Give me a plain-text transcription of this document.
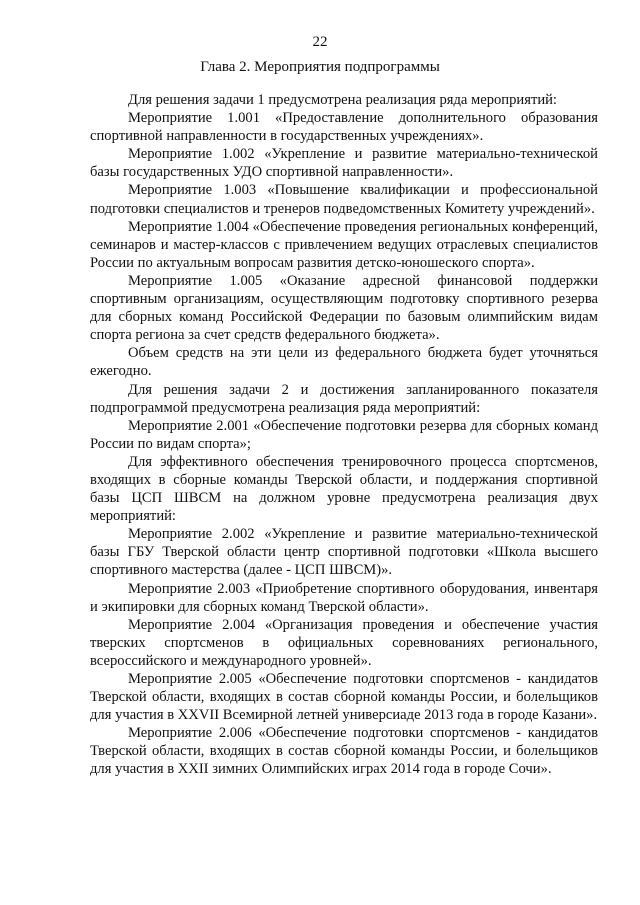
22
Глава 2. Мероприятия подпрограммы

Для решения задачи 1 предусмотрена реализация ряда мероприятий:

Мероприятие 1.001 «Предоставление дополнительного образования спортивной направленности в государственных учреждениях».

Мероприятие 1.002 «Укрепление и развитие материально-технической базы государственных УДО спортивной направленности».

Мероприятие 1.003 «Повышение квалификации и профессиональной подготовки специалистов и тренеров подведомственных Комитету учреждений».

Мероприятие 1.004 «Обеспечение проведения региональных конференций, семинаров и мастер-классов с привлечением ведущих отраслевых специалистов России по актуальным вопросам развития детско-юношеского спорта».

Мероприятие 1.005 «Оказание адресной финансовой поддержки спортивным организациям, осуществляющим подготовку спортивного резерва для сборных команд Российской Федерации по базовым олимпийским видам спорта региона за счет средств федерального бюджета».

Объем средств на эти цели из федерального бюджета будет уточняться ежегодно.

Для решения задачи 2 и достижения запланированного показателя подпрограммой предусмотрена реализация ряда мероприятий:

Мероприятие 2.001 «Обеспечение подготовки резерва для сборных команд России по видам спорта»;

Для эффективного обеспечения тренировочного процесса спортсменов, входящих в сборные команды Тверской области, и поддержания спортивной базы ЦСП ШВСМ на должном уровне предусмотрена реализация двух мероприятий:

Мероприятие 2.002 «Укрепление и развитие материально-технической базы ГБУ Тверской области центр спортивной подготовки «Школа высшего спортивного мастерства (далее - ЦСП ШВСМ)».

Мероприятие 2.003 «Приобретение спортивного оборудования, инвентаря и экипировки для сборных команд Тверской области».

Мероприятие 2.004 «Организация проведения и обеспечение участия тверских спортсменов в официальных соревнованиях регионального, всероссийского и международного уровней».

Мероприятие 2.005 «Обеспечение подготовки спортсменов - кандидатов Тверской области, входящих в состав сборной команды России, и болельщиков для участия в XXVII Всемирной летней универсиаде 2013 года в городе Казани».

Мероприятие 2.006 «Обеспечение подготовки спортсменов - кандидатов Тверской области, входящих в состав сборной команды России, и болельщиков для участия в XXII зимних Олимпийских играх 2014 года в городе Сочи».
